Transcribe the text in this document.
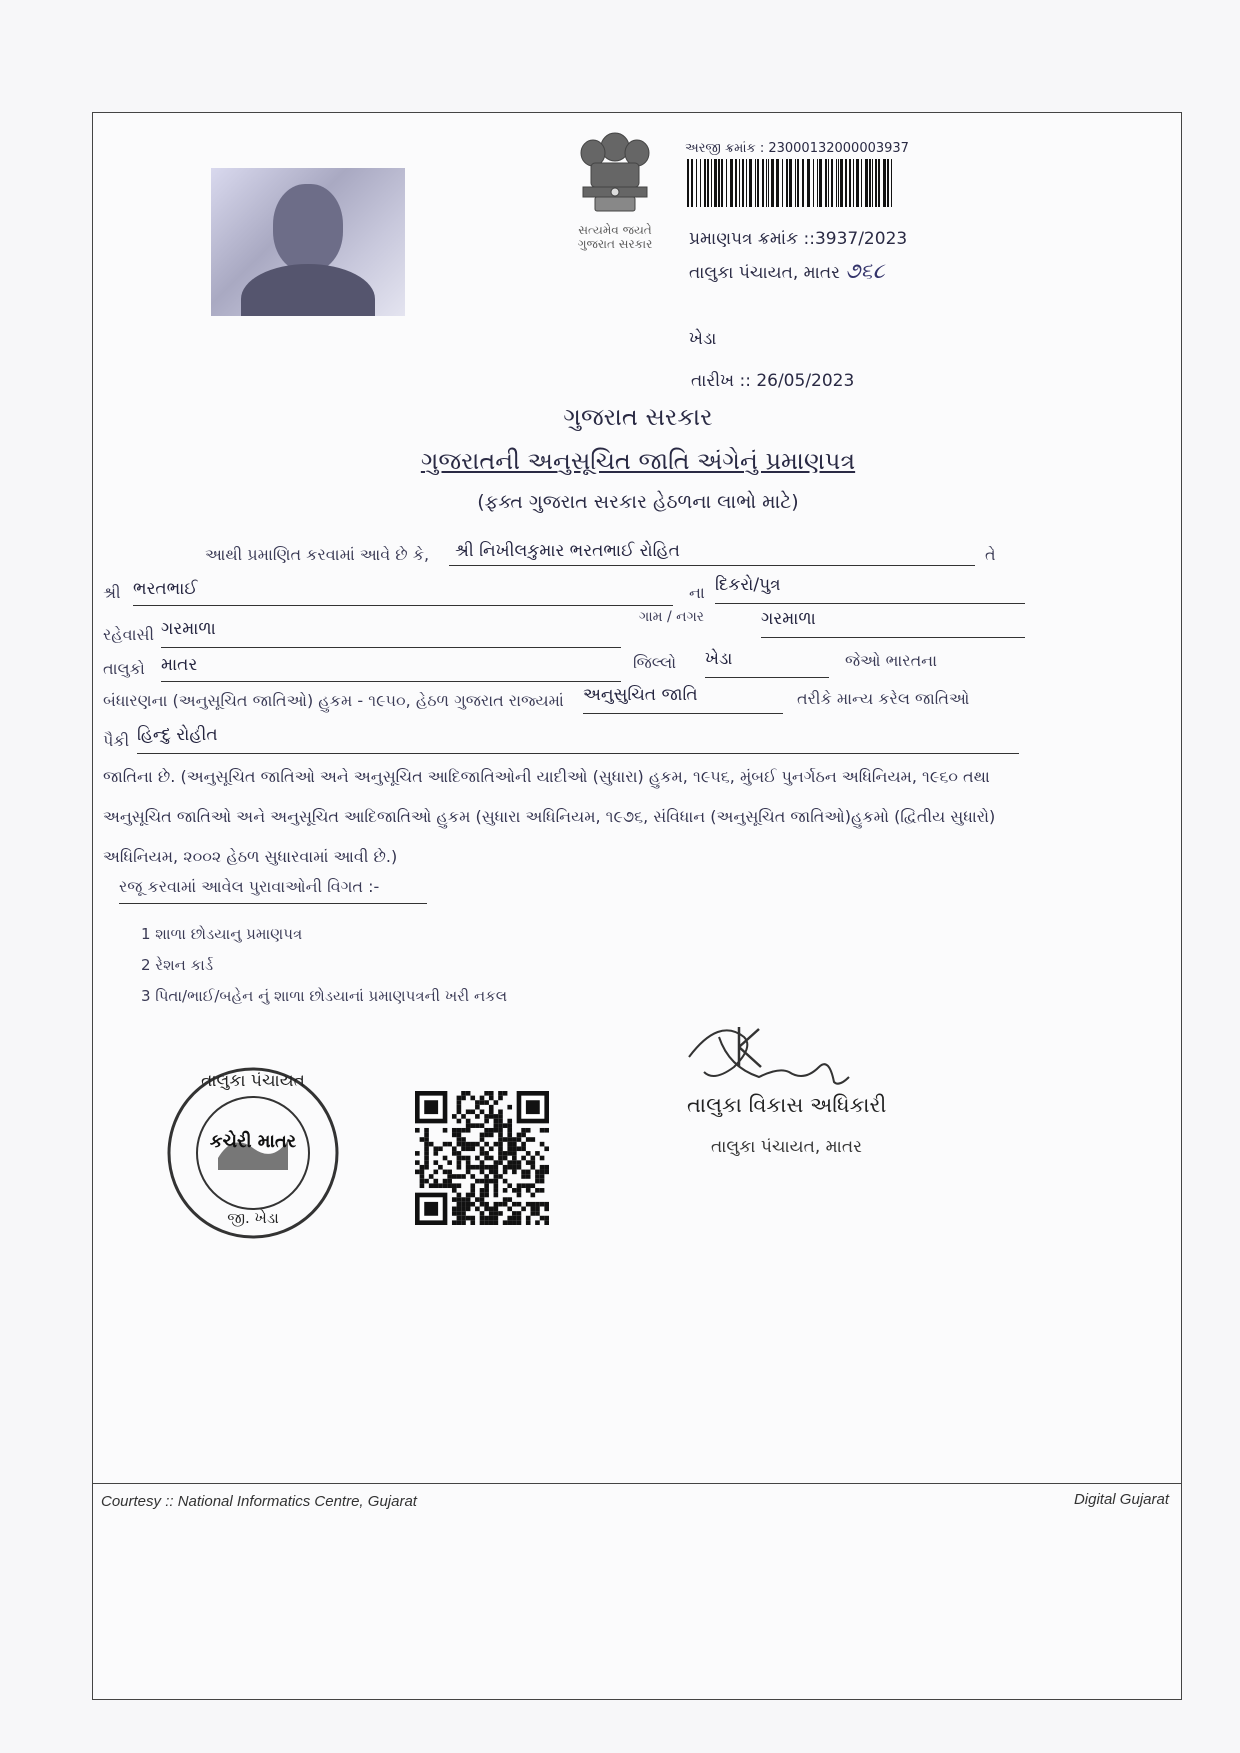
સત્યમેવ જયતે
ગુજરાત સરકાર
અરજી ક્રમાંક : 23000132000003937
પ્રમાણપત્ર ક્રમાંક ::3937/2023
તાલુકા પંચાયત, માતર ૭૬૮
ખેડા
તારીખ :: 26/05/2023
ગુજરાત સરકાર
ગુજરાતની અનુસૂચિત જાતિ અંગેનું પ્રમાણપત્ર
(ફક્ત ગુજરાત સરકાર હેઠળના લાભો માટે)
આથી પ્રમાણિત કરવામાં આવે છે કે,	શ્રી નિખીલકુમાર ભરતભાઈ રોહિત	તે
શ્રી ભરતભાઈ	ના દિકરો/પુત્ર
રહેવાસી ગરમાળા
ગામ / નગર	ગરમાળા
તાલુકો માતર	જિલ્લો ખેડા	જેઓ ભારતના
બંધારણના (અનુસૂચિત જાતિઓ) હુકમ - ૧૯૫૦, હેઠળ ગુજરાત રાજ્યમાં અનુસુચિત જાતિ	તરીકે માન્ય કરેલ જાતિઓ
પૈકી હિન્દુ રોહીત
જાતિના છે. (અનુસૂચિત જાતિઓ અને અનુસૂચિત આદિજાતિઓની યાદીઓ (સુધારા) હુકમ, ૧૯૫૬, મુંબઈ પુનર્ગઠન અધિનિયમ, ૧૯૬૦ તથા
અનુસૂચિત જાતિઓ અને અનુસૂચિત આદિજાતિઓ હુકમ (સુધારા અધિનિયમ, ૧૯૭૬, સંવિધાન (અનુસૂચિત જાતિઓ)હુકમો (દ્વિતીય સુધારો)
અધિનિયમ, ૨૦૦૨ હેઠળ સુધારવામાં આવી છે.)
રજૂ કરવામાં આવેલ પુરાવાઓની વિગત :-
1 શાળા છોડયાનુ પ્રમાણપત્ર
2 રેશન કાર્ડ
3 પિતા/ભાઈ/બહેન નું શાળા છોડયાનાં પ્રમાણપત્રની ખરી નકલ
તાલુકા પંચાયત
કચેરી માતર
જી. ખેડા
તાલુકા વિકાસ અધિકારી
તાલુકા પંચાયત, માતર
Courtesy :: National Informatics Centre, Gujarat	Digital Gujarat
